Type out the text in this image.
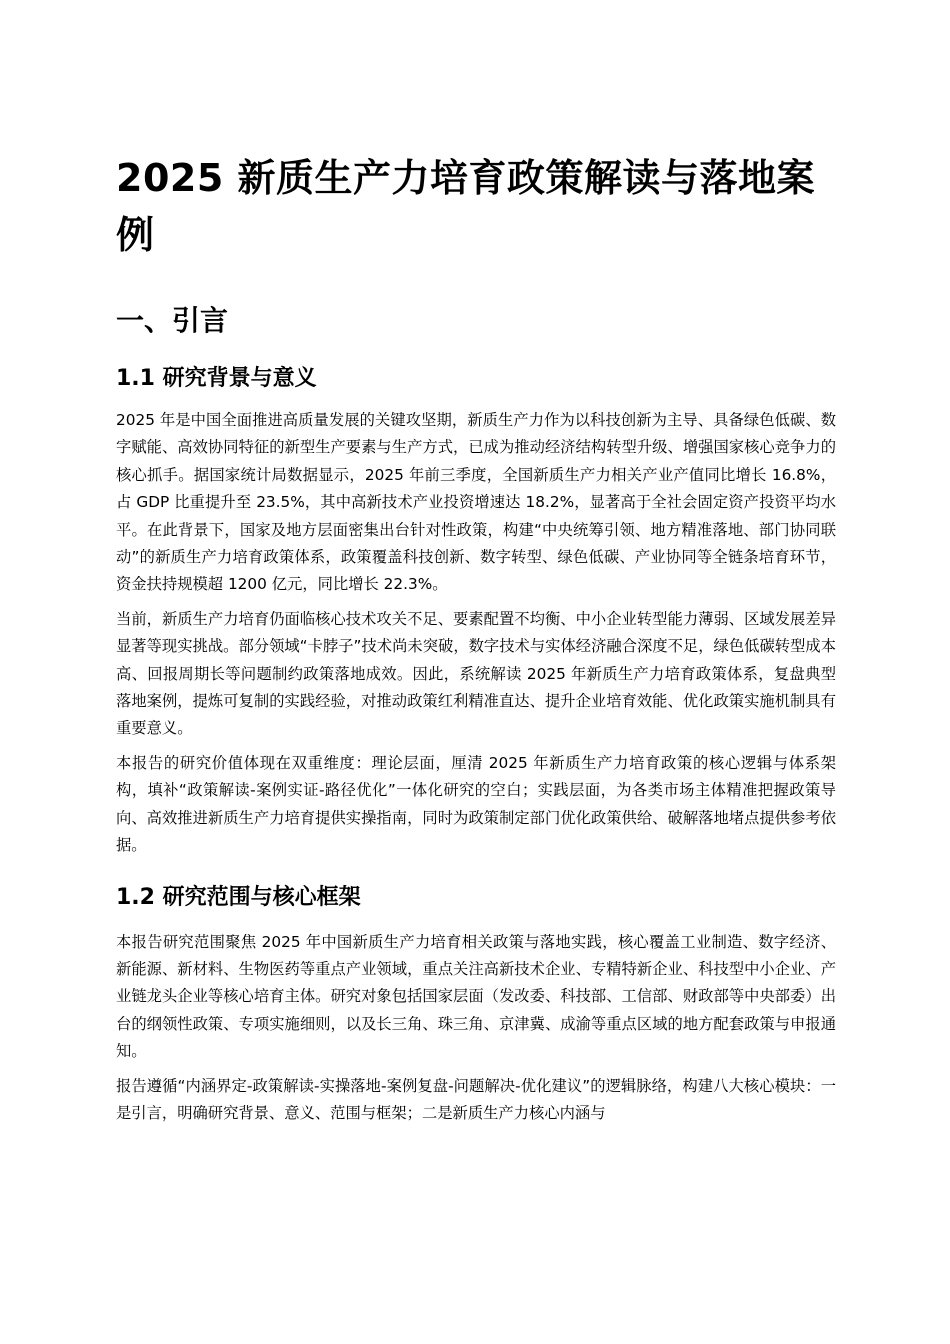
2025 新质生产力培育政策解读与落地案例
一、引言
1.1 研究背景与意义

2025 年是中国全面推进高质量发展的关键攻坚期，新质生产力作为以科技创新为主导、具备绿色低碳、数字赋能、高效协同特征的新型生产要素与生产方式，已成为推动经济结构转型升级、增强国家核心竞争力的核心抓手。据国家统计局数据显示，2025 年前三季度，全国新质生产力相关产业产值同比增长 16.8%，占 GDP 比重提升至 23.5%，其中高新技术产业投资增速达 18.2%，显著高于全社会固定资产投资平均水平。在此背景下，国家及地方层面密集出台针对性政策，构建“中央统筹引领、地方精准落地、部门协同联动”的新质生产力培育政策体系，政策覆盖科技创新、数字转型、绿色低碳、产业协同等全链条培育环节，资金扶持规模超 1200 亿元，同比增长 22.3%。

当前，新质生产力培育仍面临核心技术攻关不足、要素配置不均衡、中小企业转型能力薄弱、区域发展差异显著等现实挑战。部分领域“卡脖子”技术尚未突破，数字技术与实体经济融合深度不足，绿色低碳转型成本高、回报周期长等问题制约政策落地成效。因此，系统解读 2025 年新质生产力培育政策体系，复盘典型落地案例，提炼可复制的实践经验，对推动政策红利精准直达、提升企业培育效能、优化政策实施机制具有重要意义。

本报告的研究价值体现在双重维度：理论层面，厘清 2025 年新质生产力培育政策的核心逻辑与体系架构，填补“政策解读-案例实证-路径优化”一体化研究的空白；实践层面，为各类市场主体精准把握政策导向、高效推进新质生产力培育提供实操指南，同时为政策制定部门优化政策供给、破解落地堵点提供参考依据。

1.2 研究范围与核心框架

本报告研究范围聚焦 2025 年中国新质生产力培育相关政策与落地实践，核心覆盖工业制造、数字经济、新能源、新材料、生物医药等重点产业领域，重点关注高新技术企业、专精特新企业、科技型中小企业、产业链龙头企业等核心培育主体。研究对象包括国家层面（发改委、科技部、工信部、财政部等中央部委）出台的纲领性政策、专项实施细则，以及长三角、珠三角、京津冀、成渝等重点区域的地方配套政策与申报通知。

报告遵循“内涵界定-政策解读-实操落地-案例复盘-问题解决-优化建议”的逻辑脉络，构建八大核心模块：一是引言，明确研究背景、意义、范围与框架；二是新质生产力核心内涵与
